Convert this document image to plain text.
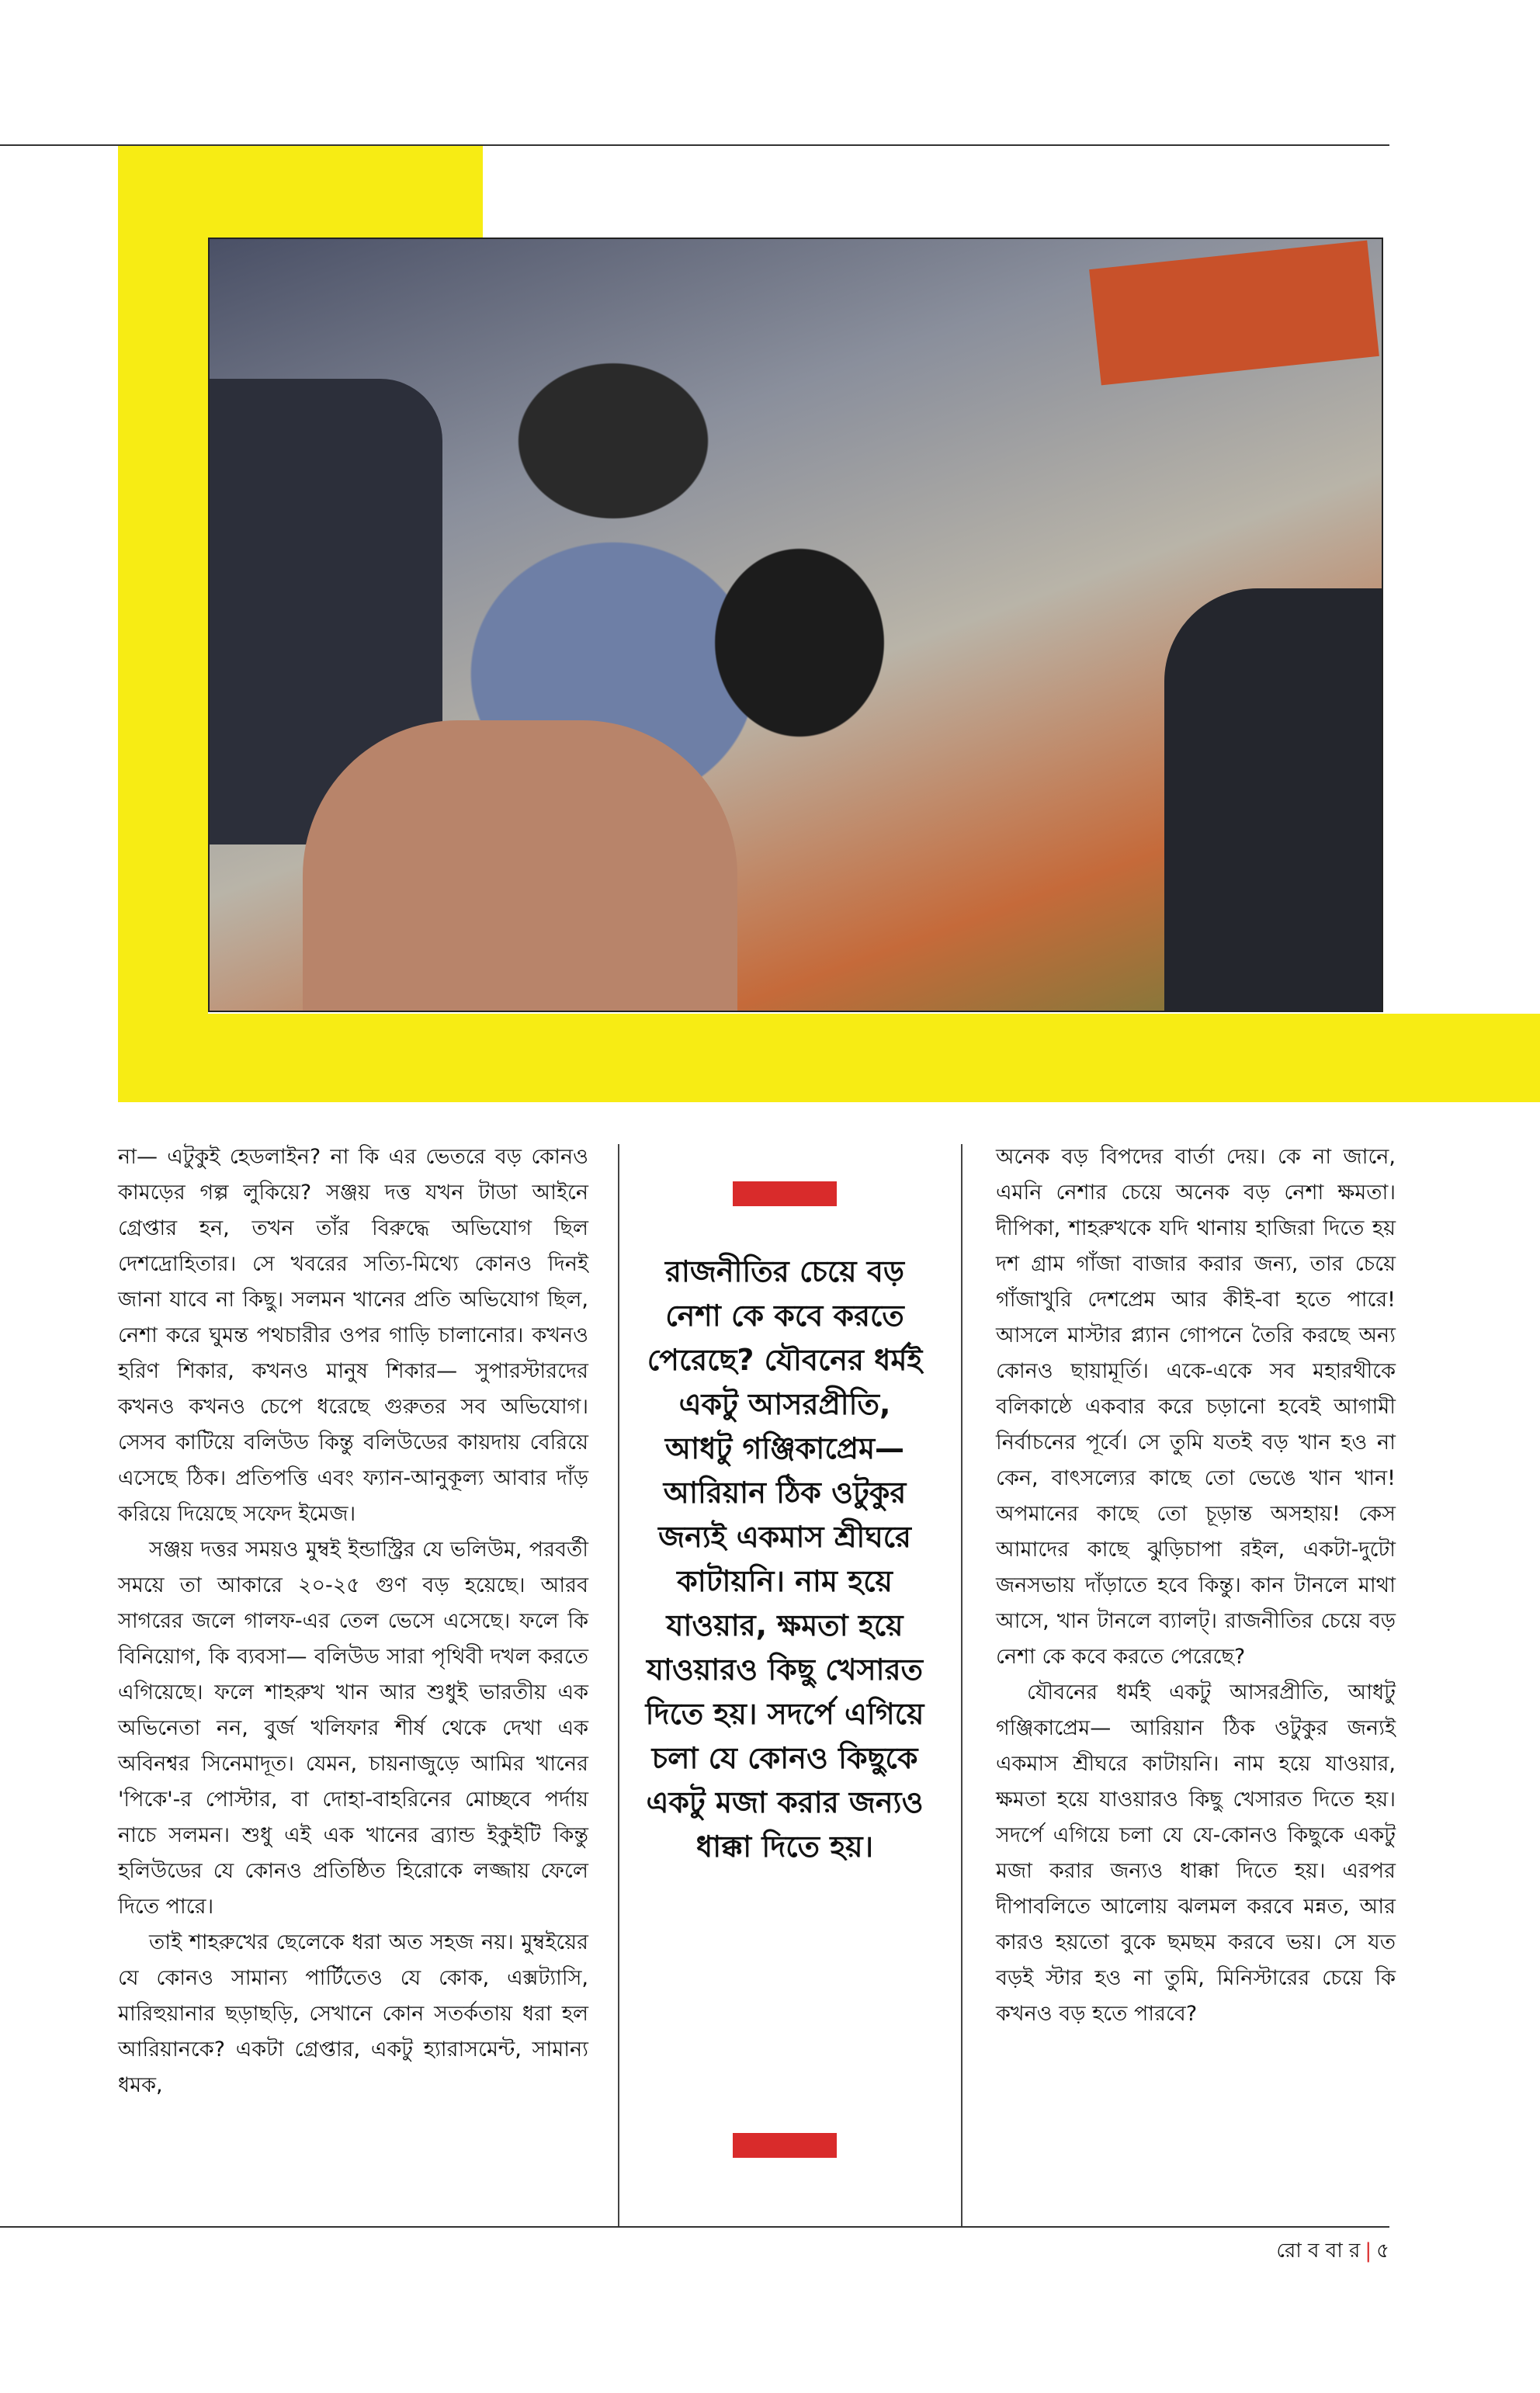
না— এটুকুই হেডলাইন? না কি এর ভেতরে বড় কোনও কামড়ের গল্প লুকিয়ে? সঞ্জয় দত্ত যখন টাডা আইনে গ্রেপ্তার হন, তখন তাঁর বিরুদ্ধে অভিযোগ ছিল দেশদ্রোহিতার। সে খবরের সত্যি-মিথ্যে কোনও দিনই জানা যাবে না কিছু। সলমন খানের প্রতি অভিযোগ ছিল, নেশা করে ঘুমন্ত পথচারীর ওপর গাড়ি চালানোর। কখনও হরিণ শিকার, কখনও মানুষ শিকার— সুপারস্টারদের কখনও কখনও চেপে ধরেছে গুরুতর সব অভিযোগ। সেসব কাটিয়ে বলিউড কিন্তু বলিউডের কায়দায় বেরিয়ে এসেছে ঠিক। প্রতিপত্তি এবং ফ্যান-আনুকূল্য আবার দাঁড় করিয়ে দিয়েছে সফেদ ইমেজ।

সঞ্জয় দত্তর সময়ও মুম্বই ইন্ডাস্ট্রির যে ভলিউম, পরবর্তী সময়ে তা আকারে ২০-২৫ গুণ বড় হয়েছে। আরব সাগরের জলে গালফ-এর তেল ভেসে এসেছে। ফলে কি বিনিয়োগ, কি ব্যবসা— বলিউড সারা পৃথিবী দখল করতে এগিয়েছে। ফলে শাহরুখ খান আর শুধুই ভারতীয় এক অভিনেতা নন, বুর্জ খলিফার শীর্ষ থেকে দেখা এক অবিনশ্বর সিনেমাদূত। যেমন, চায়নাজুড়ে আমির খানের 'পিকে'-র পোস্টার, বা দোহা-বাহরিনের মোচ্ছবে পর্দায় নাচে সলমন। শুধু এই এক খানের ব্র্যান্ড ইকুইটি কিন্তু হলিউডের যে কোনও প্রতিষ্ঠিত হিরোকে লজ্জায় ফেলে দিতে পারে।

তাই শাহরুখের ছেলেকে ধরা অত সহজ নয়। মুম্বইয়ের যে কোনও সামান্য পার্টিতেও যে কোক, এক্সট্যাসি, মারিহুয়ানার ছড়াছড়ি, সেখানে কোন সতর্কতায় ধরা হল আরিয়ানকে? একটা গ্রেপ্তার, একটু হ্যারাসমেন্ট, সামান্য ধমক,

রাজনীতির চেয়ে বড় নেশা কে কবে করতে পেরেছে? যৌবনের ধর্মই একটু আসরপ্রীতি, আধটু গঞ্জিকাপ্রেম— আরিয়ান ঠিক ওটুকুর জন্যই একমাস শ্রীঘরে কাটায়নি। নাম হয়ে যাওয়ার, ক্ষমতা হয়ে যাওয়ারও কিছু খেসারত দিতে হয়। সদর্পে এগিয়ে চলা যে কোনও কিছুকে একটু মজা করার জন্যও ধাক্কা দিতে হয়।

অনেক বড় বিপদের বার্তা দেয়। কে না জানে, এমনি নেশার চেয়ে অনেক বড় নেশা ক্ষমতা। দীপিকা, শাহরুখকে যদি থানায় হাজিরা দিতে হয় দশ গ্রাম গাঁজা বাজার করার জন্য, তার চেয়ে গাঁজাখুরি দেশপ্রেম আর কীই-বা হতে পারে! আসলে মাস্টার প্ল্যান গোপনে তৈরি করছে অন্য কোনও ছায়ামূর্তি। একে-একে সব মহারথীকে বলিকাষ্ঠে একবার করে চড়ানো হবেই আগামী নির্বাচনের পূর্বে। সে তুমি যতই বড় খান হও না কেন, বাৎসল্যের কাছে তো ভেঙে খান খান! অপমানের কাছে তো চূড়ান্ত অসহায়! কেস আমাদের কাছে ঝুড়িচাপা রইল, একটা-দুটো জনসভায় দাঁড়াতে হবে কিন্তু। কান টানলে মাথা আসে, খান টানলে ব্যালট্। রাজনীতির চেয়ে বড় নেশা কে কবে করতে পেরেছে?

যৌবনের ধর্মই একটু আসরপ্রীতি, আধটু গঞ্জিকাপ্রেম— আরিয়ান ঠিক ওটুকুর জন্যই একমাস শ্রীঘরে কাটায়নি। নাম হয়ে যাওয়ার, ক্ষমতা হয়ে যাওয়ারও কিছু খেসারত দিতে হয়। সদর্পে এগিয়ে চলা যে যে-কোনও কিছুকে একটু মজা করার জন্যও ধাক্কা দিতে হয়। এরপর দীপাবলিতে আলোয় ঝলমল করবে মন্নত, আর কারও হয়তো বুকে ছমছম করবে ভয়। সে যত বড়ই স্টার হও না তুমি, মিনিস্টারের চেয়ে কি কখনও বড় হতে পারবে?

রো ব বা র | ৫
